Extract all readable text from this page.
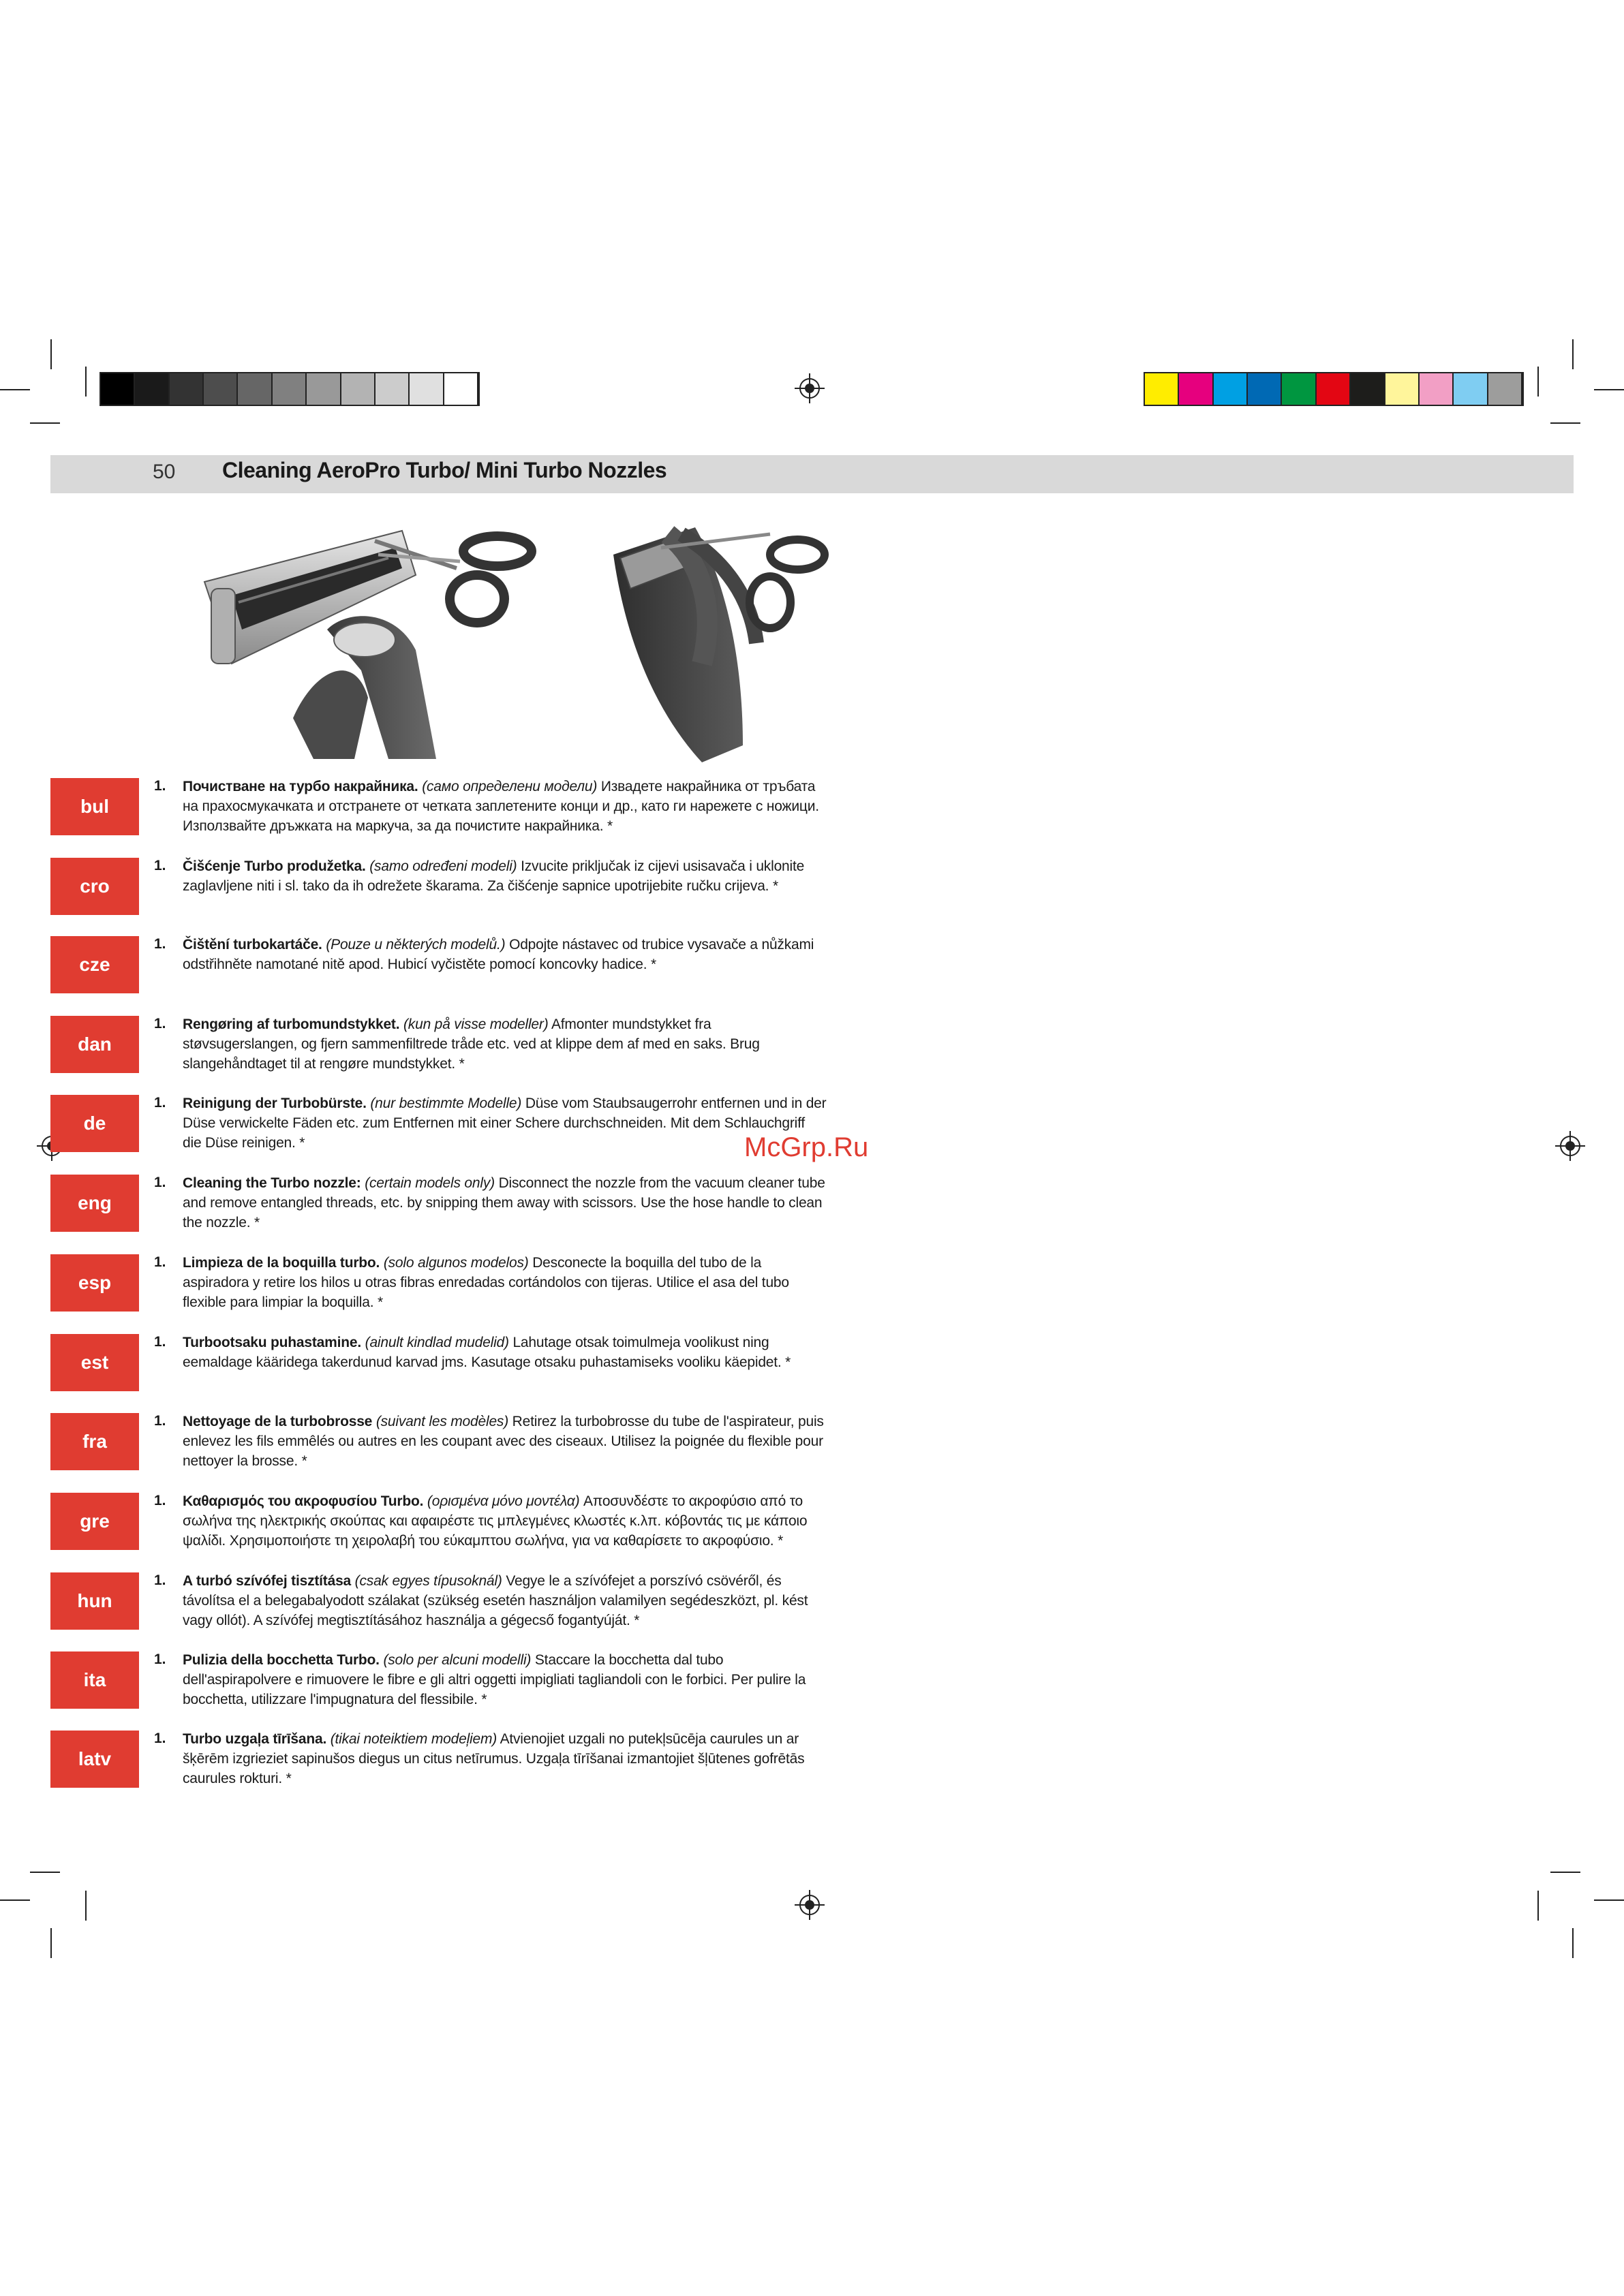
50 Cleaning AeroPro Turbo/ Mini Turbo Nozzles
bul
1. Почистване на турбо накрайника. (само определени модели) Извадете накрайника от тръбата на прахосмукачката и отстранете от четката заплетените конци и др., като ги нарежете с ножици. Използвайте дръжката на маркуча, за да почистите накрайника. *
cro
1. Čišćenje Turbo produžetka. (samo određeni modeli) Izvucite priključak iz cijevi usisavača i uklonite zaglavljene niti i sl. tako da ih odrežete škarama. Za čišćenje sapnice upotrijebite ručku crijeva. *
cze
1. Čištění turbokartáče. (Pouze u některých modelů.) Odpojte nástavec od trubice vysavače a nůžkami odstřihněte namotané nitě apod. Hubicí vyčistěte pomocí koncovky hadice. *
dan
1. Rengøring af turbomundstykket. (kun på visse modeller) Afmonter mundstykket fra støvsugerslangen, og fjern sammenfiltrede tråde etc. ved at klippe dem af med en saks. Brug slangehåndtaget til at rengøre mundstykket. *
de
1. Reinigung der Turbobürste. (nur bestimmte Modelle) Düse vom Staubsaugerrohr entfernen und in der Düse verwickelte Fäden etc. zum Entfernen mit einer Schere durchschneiden. Mit dem Schlauchgriff die Düse reinigen. *
eng
1. Cleaning the Turbo nozzle: (certain models only) Disconnect the nozzle from the vacuum cleaner tube and remove entangled threads, etc. by snipping them away with scissors. Use the hose handle to clean the nozzle. *
esp
1. Limpieza de la boquilla turbo. (solo algunos modelos) Desconecte la boquilla del tubo de la aspiradora y retire los hilos u otras fibras enredadas cortándolos con tijeras. Utilice el asa del tubo flexible para limpiar la boquilla. *
est
1. Turbootsaku puhastamine. (ainult kindlad mudelid) Lahutage otsak toimulmeja voolikust ning eemaldage kääridega takerdunud karvad jms. Kasutage otsaku puhastamiseks vooliku käepidet. *
fra
1. Nettoyage de la turbobrosse (suivant les modèles) Retirez la turbobrosse du tube de l'aspirateur, puis enlevez les fils emmêlés ou autres en les coupant avec des ciseaux. Utilisez la poignée du flexible pour nettoyer la brosse. *
gre
1. Καθαρισμός του ακροφυσίου Turbo. (ορισμένα μόνο μοντέλα) Αποσυνδέστε το ακροφύσιο από το σωλήνα της ηλεκτρικής σκούπας και αφαιρέστε τις μπλεγμένες κλωστές κ.λπ. κόβοντάς τις με κάποιο ψαλίδι. Χρησιμοποιήστε τη χειρολαβή του εύκαμπτου σωλήνα, για να καθαρίσετε το ακροφύσιο. *
hun
1. A turbó szívófej tisztítása (csak egyes típusoknál) Vegye le a szívófejet a porszívó csövéről, és távolítsa el a belegabalyodott szálakat (szükség esetén használjon valamilyen segédeszközt, pl. kést vagy ollót). A szívófej megtisztításához használja a gégecső fogantyúját. *
ita
1. Pulizia della bocchetta Turbo. (solo per alcuni modelli) Staccare la bocchetta dal tubo dell'aspirapolvere e rimuovere le fibre e gli altri oggetti impigliati tagliandoli con le forbici. Per pulire la bocchetta, utilizzare l'impugnatura del flessibile. *
latv
1. Turbo uzgaļa tīrīšana. (tikai noteiktiem modeļiem) Atvienojiet uzgali no putekļsūcēja caurules un ar šķērēm izgrieziet sapinušos diegus un citus netīrumus. Uzgaļa tīrīšanai izmantojiet šļūtenes gofrētās caurules rokturi. *
McGrp.Ru
